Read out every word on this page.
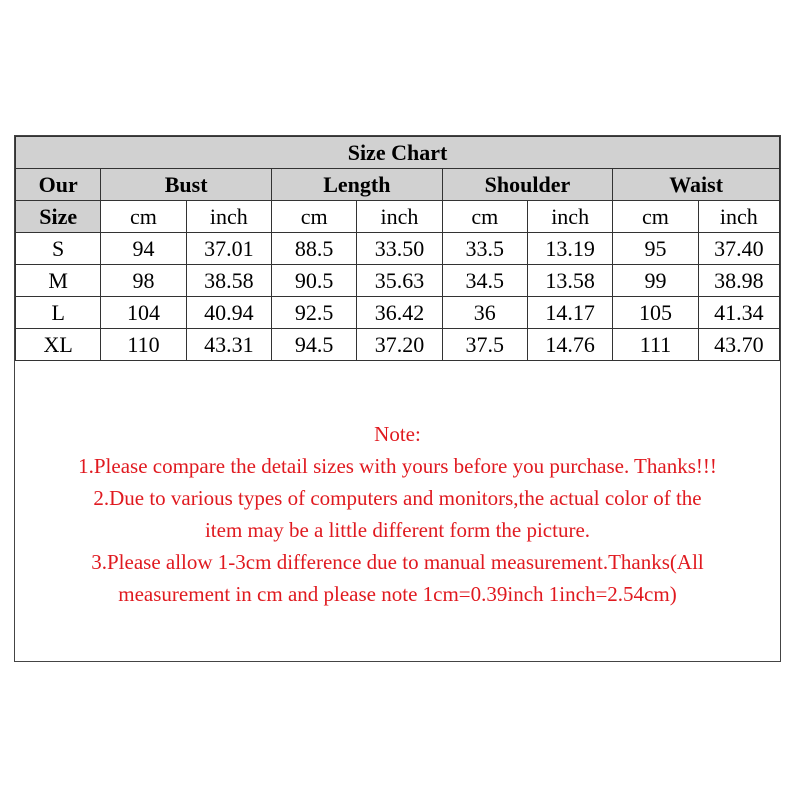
Size Chart								
Our	Bust		Length		Shoulder		Waist	
Size	cm	inch	cm	inch	cm	inch	cm	inch
S	94	37.01	88.5	33.50	33.5	13.19	95	37.40
M	98	38.58	90.5	35.63	34.5	13.58	99	38.98
L	104	40.94	92.5	36.42	36	14.17	105	41.34
XL	110	43.31	94.5	37.20	37.5	14.76	111	43.70

Note:

1.Please compare the detail sizes with yours before you purchase. Thanks!!!

2.Due to various types of computers and monitors,the actual color of the

item may be a little different form the picture.

3.Please allow 1-3cm difference due to manual measurement.Thanks(All

measurement in cm and please note 1cm=0.39inch 1inch=2.54cm)
